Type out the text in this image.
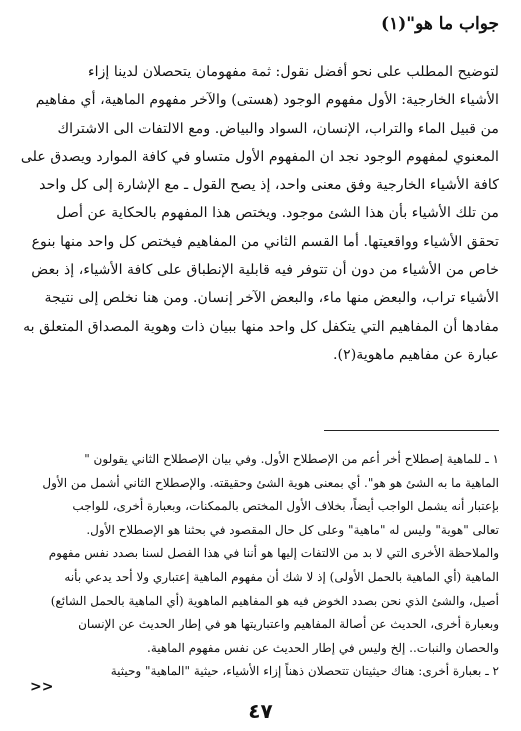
جواب ما هو"(١)
لتوضيح المطلب على نحو أفضل نقول: ثمة مفهومان يتحصلان لدينا إزاء
الأشياء الخارجية: الأول مفهوم الوجود (هستى) والآخر مفهوم الماهية، أي مفاهيم
من قبيل الماء والتراب، الإنسان، السواد والبياض. ومع الالتفات الى الاشتراك
المعنوي لمفهوم الوجود نجد ان المفهوم الأول متساو في كافة الموارد ويصدق على
كافة الأشياء الخارجية وفق معنى واحد، إذ يصح القول ـ مع الإشارة إلى كل واحد
من تلك الأشياء بأن هذا الشئ موجود. ويختص هذا المفهوم بالحكاية عن أصل
تحقق الأشياء وواقعيتها. أما القسم الثاني من المفاهيم فيختص كل واحد منها بنوع
خاص من الأشياء من دون أن تتوفر فيه قابلية الإنطباق على كافة الأشياء، إذ بعض
الأشياء تراب، والبعض منها ماء، والبعض الآخر إنسان. ومن هنا نخلص إلى نتيجة
مفادها أن المفاهيم التي يتكفل كل واحد منها ببيان ذات وهوية المصداق المتعلق به
عبارة عن مفاهيم ماهوية(٢).
١ ـ للماهية إصطلاح أخر أعم من الإصطلاح الأول. وفي بيان الإصطلاح الثاني يقولون "
الماهية ما به الشئ هو هو". أي بمعنى هوية الشئ وحقيقته. والإصطلاح الثاني أشمل من الأول
بإعتبار أنه يشمل الواجب أيضاً، بخلاف الأول المختص بالممكنات، وبعبارة أخرى، للواجب
تعالى "هوية" وليس له "ماهية" وعلى كل حال المقصود في بحثنا هو الإصطلاح الأول.
والملاحظة الأخرى التي لا بد من الالتفات إليها هو أننا في هذا الفصل لسنا بصدد نفس مفهوم
الماهية (أي الماهية بالحمل الأولى) إذ لا شك أن مفهوم الماهية إعتباري ولا أحد يدعي بأنه
أصيل، والشئ الذي نحن بصدد الخوض فيه هو المفاهيم الماهوية (أي الماهية بالحمل الشائع)
وبعبارة أخرى، الحديث عن أصالة المفاهيم واعتباريتها هو في إطار الحديث عن الإنسان
والحصان والنبات.. إلخ وليس في إطار الحديث عن نفس مفهوم الماهية.
٢ ـ بعبارة أخرى: هناك حيثيتان تتحصلان ذهناً إزاء الأشياء، حيثية "الماهية" وحيثية
>>
٤٧
